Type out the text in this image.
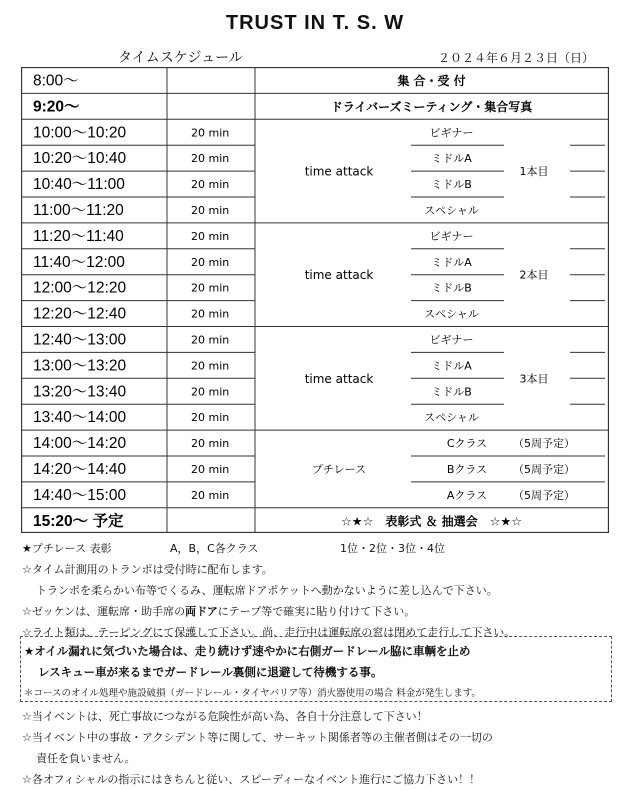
TRUST IN T. S. W
タイムスケジュール	２０２４年６月２３日（日）
8:00〜	集 合・受 付
9:20〜	ドライバーズミーティング・集合写真
10:00〜10:20	20 min	ビギナー
10:20〜10:40	20 min	ミドルA
10:40〜11:00	20 min	ミドルB
11:00〜11:20	20 min	スペシャル
time attack	1本目
11:20〜11:40	20 min	ビギナー
11:40〜12:00	20 min	ミドルA
12:00〜12:20	20 min	ミドルB
12:20〜12:40	20 min	スペシャル
time attack	2本目
12:40〜13:00	20 min	ビギナー
13:00〜13:20	20 min	ミドルA
13:20〜13:40	20 min	ミドルB
13:40〜14:00	20 min	スペシャル
time attack	3本目
14:00〜14:20	20 min	Cクラス （5周予定）
14:20〜14:40	20 min	Bクラス （5周予定）
14:40〜15:00	20 min	Aクラス （5周予定）
プチレース
15:20〜 予定	☆★☆　表彰式 ＆ 抽選会　☆★☆
★プチレース 表彰	A，B，C各クラス	1位・2位・3位・4位
☆タイム計測用のトランポは受付時に配布します。
トランポを柔らかい布等でくるみ、運転席ドアポケットへ動かないように差し込んで下さい。
☆ゼッケンは、運転席・助手席の両ドアにテープ等で確実に貼り付けて下さい。
☆ライト類は、テーピングにて保護して下さい。尚、走行中は運転席の窓は閉めて走行して下さい。
★オイル漏れに気づいた場合は、走り続けず速やかに右側ガードレール脇に車輌を止め
レスキュー車が来るまでガードレール裏側に退避して待機する事。
＊コースのオイル処理や施設破損（ガードレール・タイヤバリア等）消火器使用の場合 料金が発生します。
☆当イベントは、死亡事故につながる危険性が高い為、各自十分注意して下さい！
☆当イベント中の事故・アクシデント等に関して、サーキット関係者等の主催者側はその一切の
責任を負いません。
☆各オフィシャルの指示にはきちんと従い、スピーディーなイベント進行にご協力下さい！！
